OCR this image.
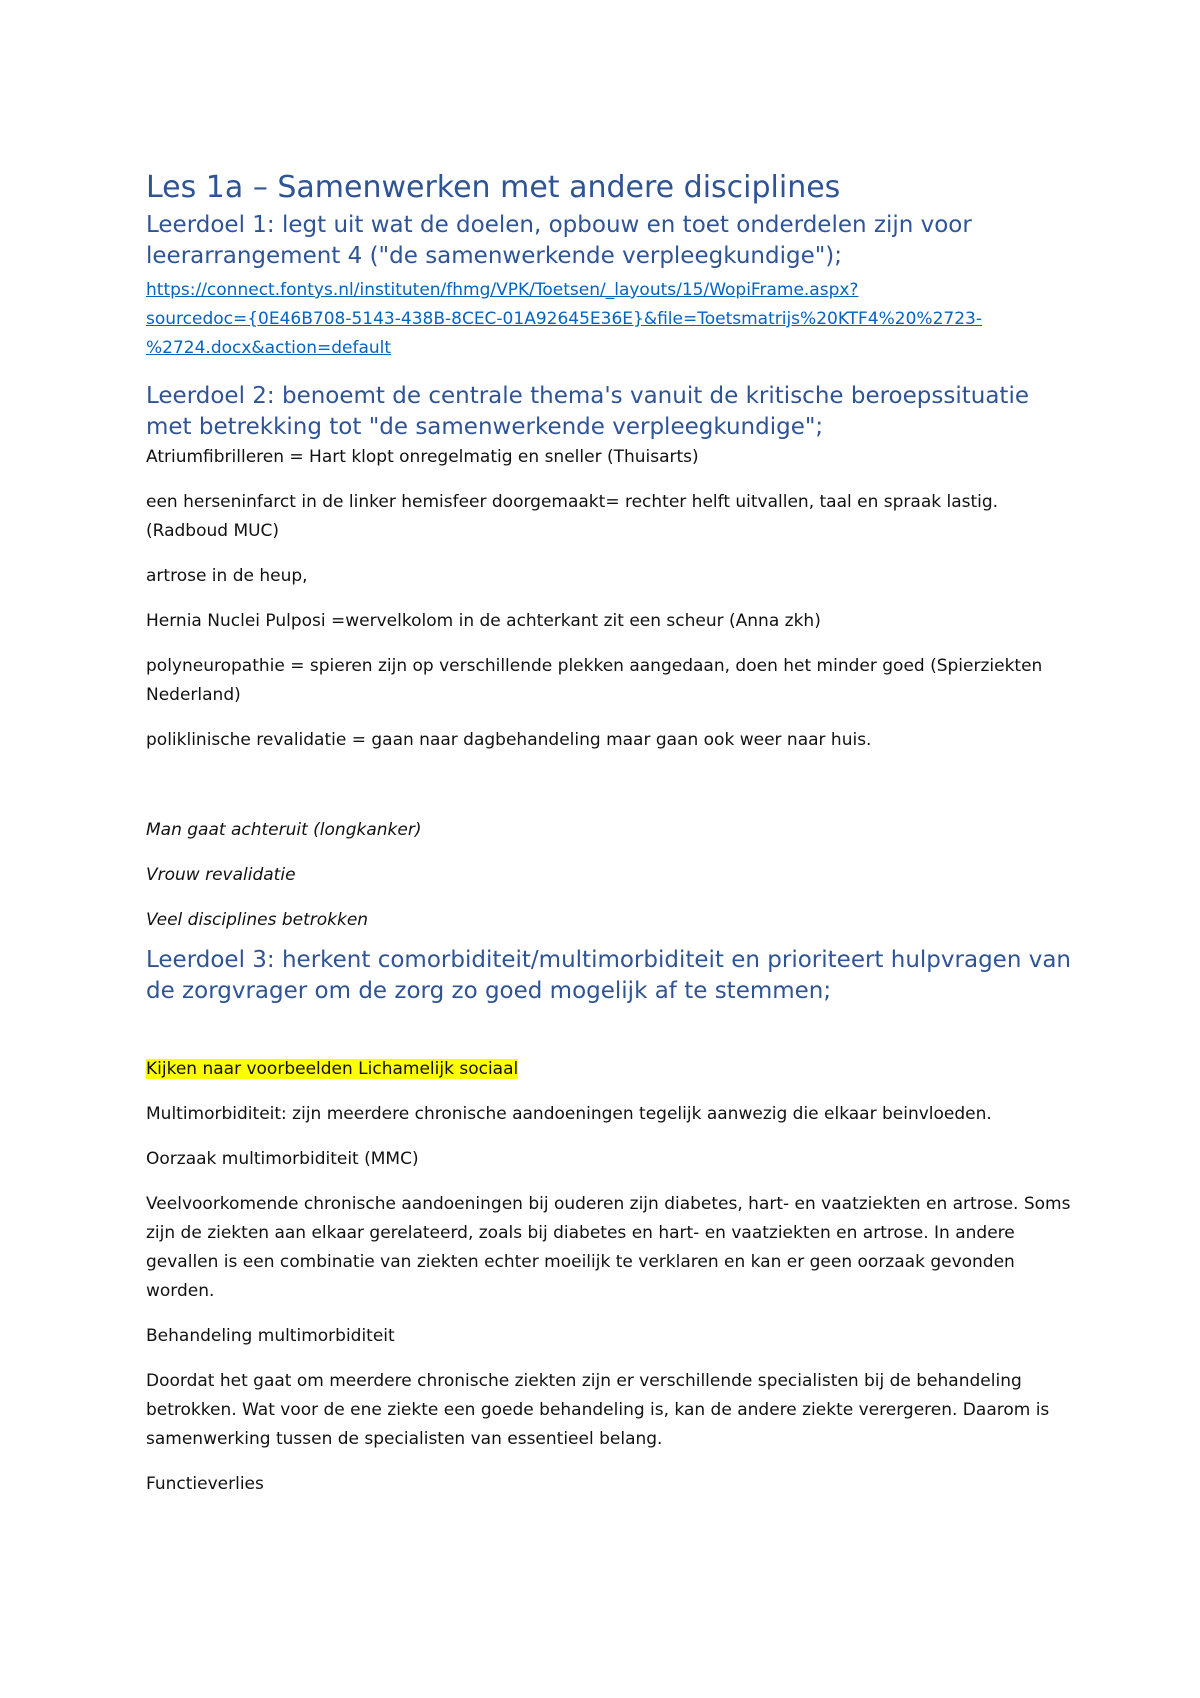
Les 1a – Samenwerken met andere disciplines
Leerdoel 1: legt uit wat de doelen, opbouw en toet onderdelen zijn voor leerarrangement 4 ("de samenwerkende verpleegkundige");
https://connect.fontys.nl/instituten/fhmg/VPK/Toetsen/_layouts/15/WopiFrame.aspx?
sourcedoc={0E46B708-5143-438B-8CEC-01A92645E36E}&file=Toetsmatrijs%20KTF4%20%2723-
%2724.docx&action=default
Leerdoel 2: benoemt de centrale thema's vanuit de kritische beroepssituatie met betrekking tot "de samenwerkende verpleegkundige";

Atriumfibrilleren = Hart klopt onregelmatig en sneller (Thuisarts)

een herseninfarct in de linker hemisfeer doorgemaakt= rechter helft uitvallen, taal en spraak lastig. (Radboud MUC)

artrose in de heup,

Hernia Nuclei Pulposi =wervelkolom in de achterkant zit een scheur (Anna zkh)

polyneuropathie = spieren zijn op verschillende plekken aangedaan, doen het minder goed (Spierziekten Nederland)

poliklinische revalidatie = gaan naar dagbehandeling maar gaan ook weer naar huis.

Man gaat achteruit (longkanker)

Vrouw revalidatie

Veel disciplines betrokken

Leerdoel 3: herkent comorbiditeit/multimorbiditeit en prioriteert hulpvragen van de zorgvrager om de zorg zo goed mogelijk af te stemmen;

Kijken naar voorbeelden Lichamelijk sociaal

Multimorbiditeit: zijn meerdere chronische aandoeningen tegelijk aanwezig die elkaar beinvloeden.

Oorzaak multimorbiditeit (MMC)

Veelvoorkomende chronische aandoeningen bij ouderen zijn diabetes, hart- en vaatziekten en artrose. Soms zijn de ziekten aan elkaar gerelateerd, zoals bij diabetes en hart- en vaatziekten en artrose. In andere gevallen is een combinatie van ziekten echter moeilijk te verklaren en kan er geen oorzaak gevonden worden.

Behandeling multimorbiditeit

Doordat het gaat om meerdere chronische ziekten zijn er verschillende specialisten bij de behandeling betrokken. Wat voor de ene ziekte een goede behandeling is, kan de andere ziekte verergeren. Daarom is samenwerking tussen de specialisten van essentieel belang.

Functieverlies
